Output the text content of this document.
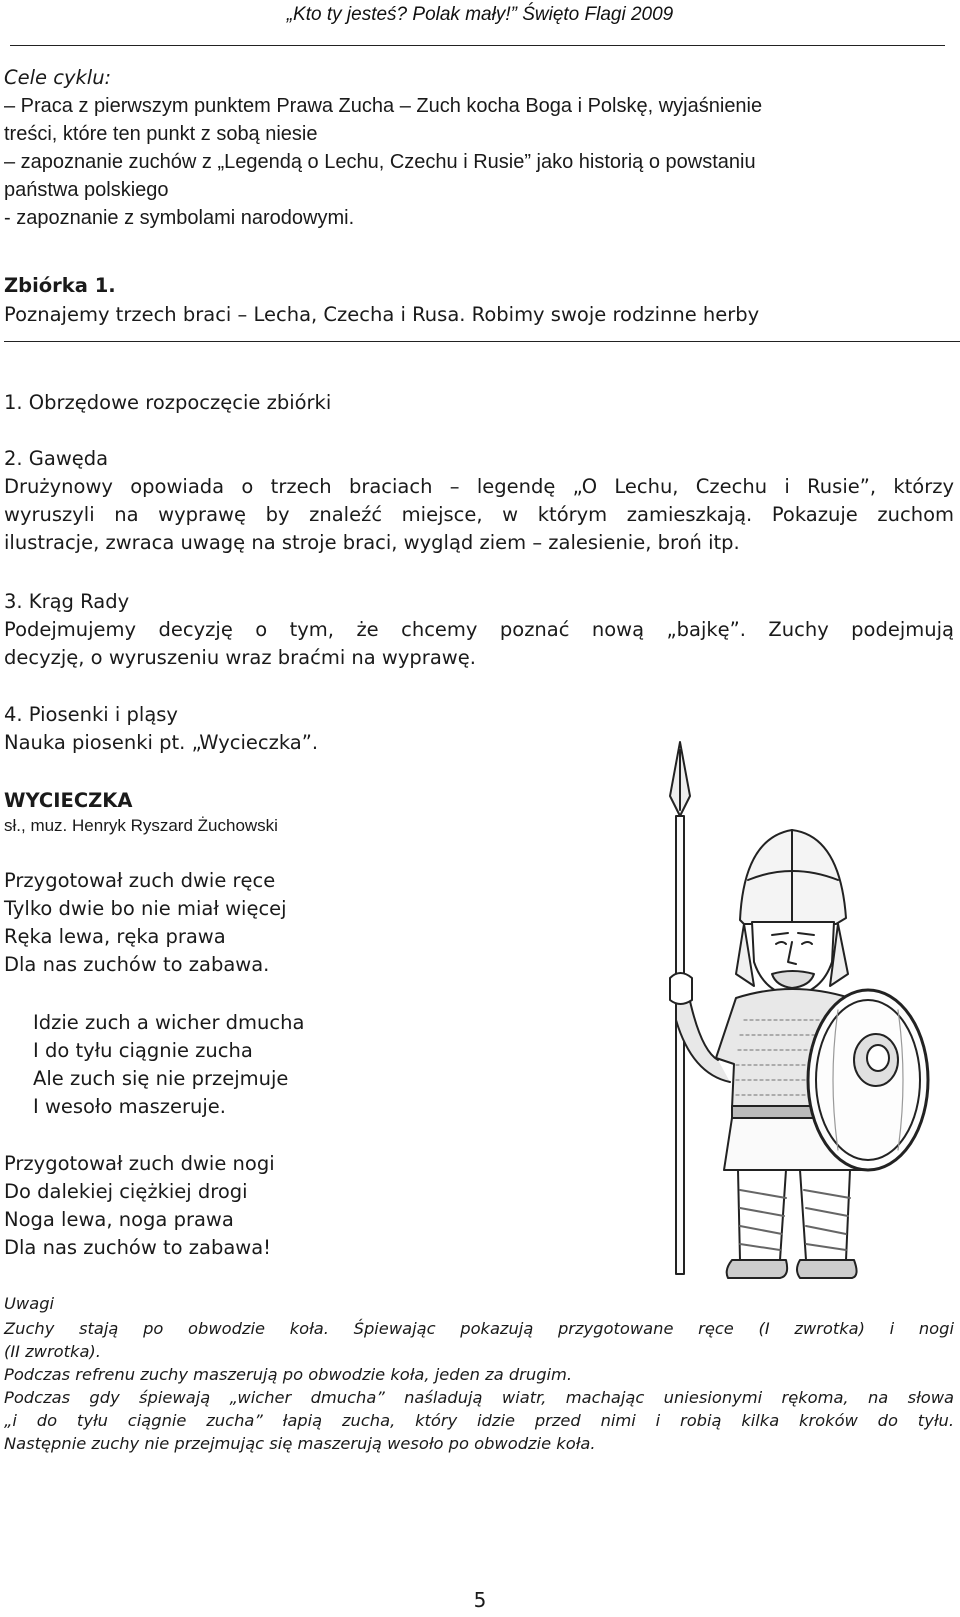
„Kto ty jesteś? Polak mały!” Święto Flagi 2009
Cele cyklu:
– Praca z pierwszym punktem Prawa Zucha – Zuch kocha Boga i Polskę, wyjaśnienie
treści, które ten punkt z sobą niesie
– zapoznanie zuchów z „Legendą o Lechu, Czechu i Rusie” jako historią o powstaniu
państwa polskiego
- zapoznanie z symbolami narodowymi.
Zbiórka 1.
Poznajemy trzech braci – Lecha, Czecha i Rusa. Robimy swoje rodzinne herby
1. Obrzędowe rozpoczęcie zbiórki
2. Gawęda
Drużynowy opowiada o trzech braciach – legendę „O Lechu, Czechu i Rusie”, którzy
wyruszyli na wyprawę by znaleźć miejsce, w którym zamieszkają. Pokazuje zuchom
ilustracje, zwraca uwagę na stroje braci, wygląd ziem – zalesienie, broń itp.
3. Krąg Rady
Podejmujemy decyzję o tym, że chcemy poznać nową „bajkę”. Zuchy podejmują
decyzję, o wyruszeniu wraz braćmi na wyprawę.
4. Piosenki i pląsy
Nauka piosenki pt. „Wycieczka”.
WYCIECZKA
sł., muz. Henryk Ryszard Żuchowski
Przygotował zuch dwie ręce
Tylko dwie bo nie miał więcej
Ręka lewa, ręka prawa
Dla nas zuchów to zabawa.
Idzie zuch a wicher dmucha
I do tyłu ciągnie zucha
Ale zuch się nie przejmuje
I wesoło maszeruje.
Przygotował zuch dwie nogi
Do dalekiej ciężkiej drogi
Noga lewa, noga prawa
Dla nas zuchów to zabawa!

Uwagi

Zuchy stają po obwodzie koła. Śpiewając pokazują przygotowane ręce (I zwrotka) i nogi

(II zwrotka).

Podczas refrenu zuchy maszerują po obwodzie koła, jeden za drugim.

Podczas gdy śpiewają „wicher dmucha” naśladują wiatr, machając uniesionymi rękoma, na słowa

„i do tyłu ciągnie zucha” łapią zucha, który idzie przed nimi i robią kilka kroków do tyłu.

Następnie zuchy nie przejmując się maszerują wesoło po obwodzie koła.

5
